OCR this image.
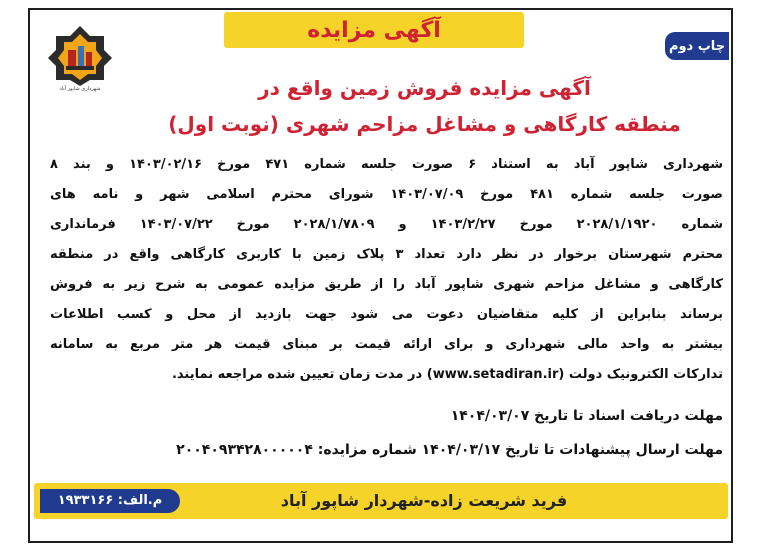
آگهی مزایده
چاپ دوم
شهرداری شاپور آباد	آگهی مزایده فروش زمین واقع در
منطقه کارگاهی و مشاغل مزاحم شهری (نوبت اول)
شهرداری شاپور آباد به استناد ۶ صورت جلسه شماره ۴۷۱ مورخ ۱۴۰۳/۰۲/۱۶ و بند ۸
صورت جلسه شماره ۴۸۱ مورخ ۱۴۰۳/۰۷/۰۹ شورای محترم اسلامی شهر و نامه های
شماره ۲۰۲۸/۱/۱۹۲۰ مورخ ۱۴۰۳/۲/۲۷ و ۲۰۲۸/۱/۷۸۰۹ مورخ ۱۴۰۳/۰۷/۲۲ فرمانداری
محترم شهرستان برخوار در نظر دارد تعداد ۳ پلاک زمین با کاربری کارگاهی واقع در منطقه
کارگاهی و مشاغل مزاحم شهری شاپور آباد را از طریق مزایده عمومی به شرح زیر به فروش
برساند بنابراین از کلیه متقاضیان دعوت می شود جهت بازدید از محل و کسب اطلاعات
بیشتر به واحد مالی شهرداری و برای ارائه قیمت بر مبنای قیمت هر متر مربع به سامانه
تدارکات الکترونیک دولت (www.setadiran.ir) در مدت زمان تعیین شده مراجعه نمایند.
مهلت دریافت اسناد تا تاریخ ۱۴۰۴/۰۳/۰۷
مهلت ارسال پیشنهادات تا تاریخ ۱۴۰۴/۰۳/۱۷ شماره مزایده: ۲۰۰۴۰۹۳۴۲۸۰۰۰۰۰۴
فرید شریعت زاده-شهردار شاپور آباد
م.الف: ۱۹۳۳۱۶۶
